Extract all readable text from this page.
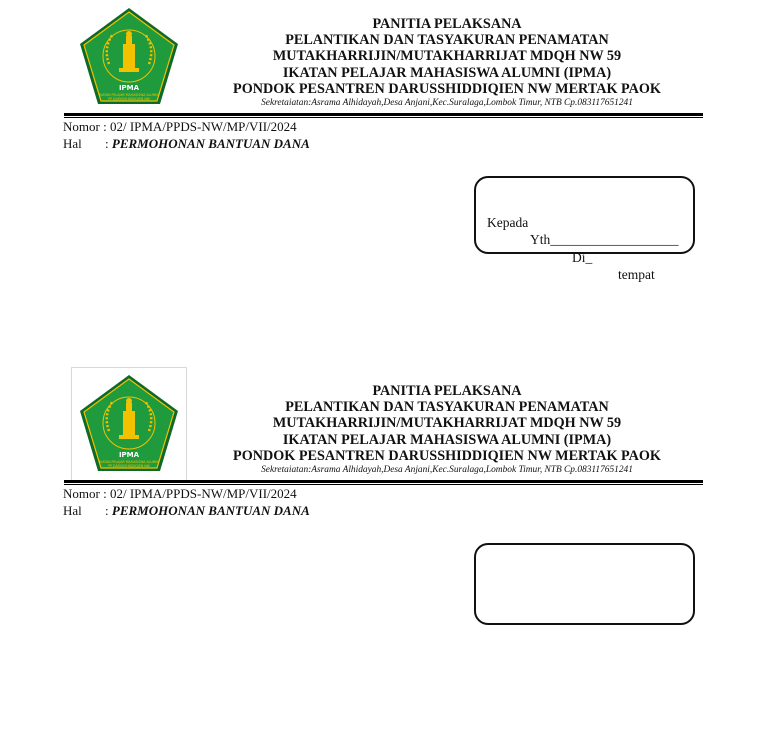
IPMA
IKATAN PELAJAR MAHASISWA ALUMNI
PP DARUSSHIDDIQIEN NW
PANITIA PELAKSANA
PELANTIKAN DAN TASYAKURAN PENAMATAN
MUTAKHARRIJIN/MUTAKHARRIJAT MDQH NW 59
IKATAN PELAJAR MAHASISWA ALUMNI (IPMA)
PONDOK PESANTREN DARUSSHIDDIQIEN NW MERTAK PAOK
Sekretaiatan:Asrama Alhidayah,Desa Anjani,Kec.Suralaga,Lombok Timur, NTB Cp.083117651241
Nomor : 02/ IPMA/PPDS-NW/MP/VII/2024
Hal : PERMOHONAN BANTUAN DANA
Kepada
Yth___________________
Di_
tempat
IPMA
IKATAN PELAJAR MAHASISWA ALUMNI
PP DARUSSHIDDIQIEN NW
PANITIA PELAKSANA
PELANTIKAN DAN TASYAKURAN PENAMATAN
MUTAKHARRIJIN/MUTAKHARRIJAT MDQH NW 59
IKATAN PELAJAR MAHASISWA ALUMNI (IPMA)
PONDOK PESANTREN DARUSSHIDDIQIEN NW MERTAK PAOK
Sekretaiatan:Asrama Alhidayah,Desa Anjani,Kec.Suralaga,Lombok Timur, NTB Cp.083117651241
Nomor : 02/ IPMA/PPDS-NW/MP/VII/2024
Hal : PERMOHONAN BANTUAN DANA
